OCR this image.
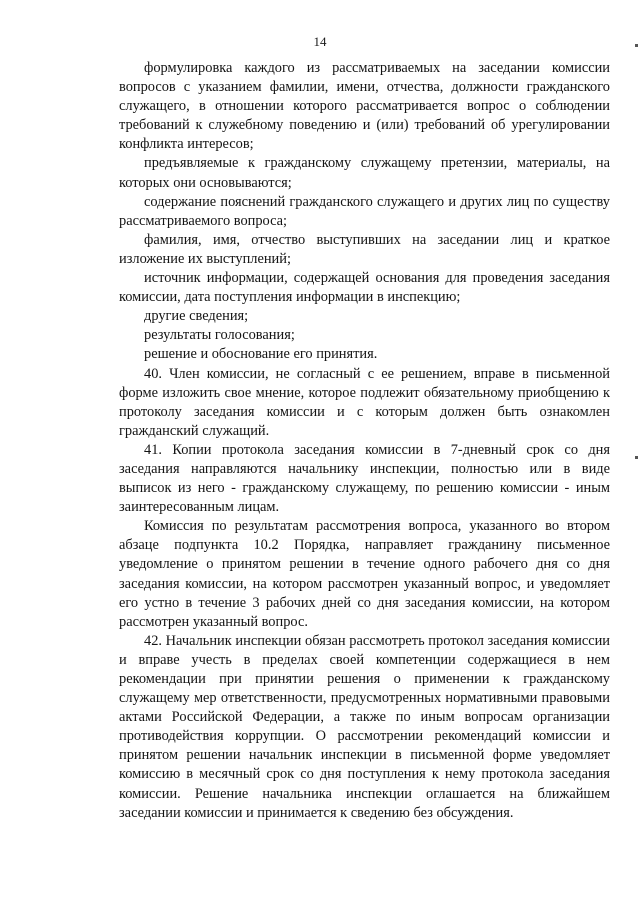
14

формулировка каждого из рассматриваемых на заседании комиссии вопросов с указанием фамилии, имени, отчества, должности гражданского служащего, в отношении которого рассматривается вопрос о соблюдении требований к служебному поведению и (или) требований об урегулировании конфликта интересов;

предъявляемые к гражданскому служащему претензии, материалы, на которых они основываются;

содержание пояснений гражданского служащего и других лиц по существу рассматриваемого вопроса;

фамилия, имя, отчество выступивших на заседании лиц и краткое изложение их выступлений;

источник информации, содержащей основания для проведения заседания комиссии, дата поступления информации в инспекцию;

другие сведения;

результаты голосования;

решение и обоснование его принятия.

40. Член комиссии, не согласный с ее решением, вправе в письменной форме изложить свое мнение, которое подлежит обязательному приобщению к протоколу заседания комиссии и с которым должен быть ознакомлен гражданский служащий.

41. Копии протокола заседания комиссии в 7-дневный срок со дня заседания направляются начальнику инспекции, полностью или в виде выписок из него - гражданскому служащему, по решению комиссии - иным заинтересованным лицам.

Комиссия по результатам рассмотрения вопроса, указанного во втором абзаце подпункта 10.2 Порядка, направляет гражданину письменное уведомление о принятом решении в течение одного рабочего дня со дня заседания комиссии, на котором рассмотрен указанный вопрос, и уведомляет его устно в течение 3 рабочих дней со дня заседания комиссии, на котором рассмотрен указанный вопрос.

42. Начальник инспекции обязан рассмотреть протокол заседания комиссии и вправе учесть в пределах своей компетенции содержащиеся в нем рекомендации при принятии решения о применении к гражданскому служащему мер ответственности, предусмотренных нормативными правовыми актами Российской Федерации, а также по иным вопросам организации противодействия коррупции. О рассмотрении рекомендаций комиссии и принятом решении начальник инспекции в письменной форме уведомляет комиссию в месячный срок со дня поступления к нему протокола заседания комиссии. Решение начальника инспекции оглашается на ближайшем заседании комиссии и принимается к сведению без обсуждения.
